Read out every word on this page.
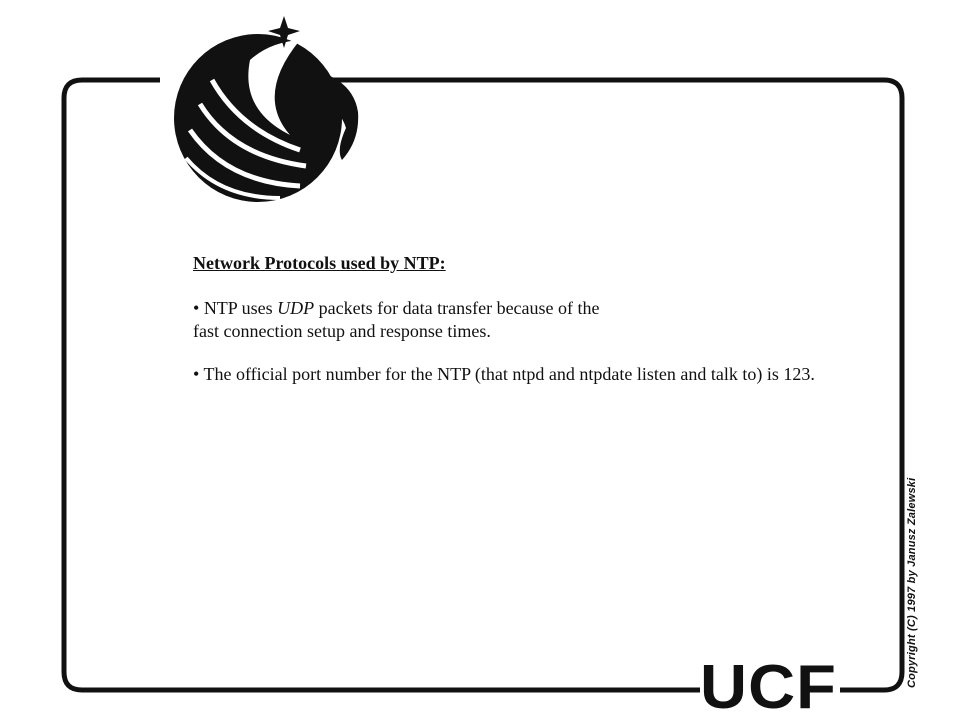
Network Protocols used by NTP:
• NTP uses UDP packets for data transfer because of the
fast connection setup and response times.
• The official port number for the NTP (that ntpd and ntpdate listen and talk to) is 123.
Copyright (C) 1997 by Janusz Zalewski
UCF
